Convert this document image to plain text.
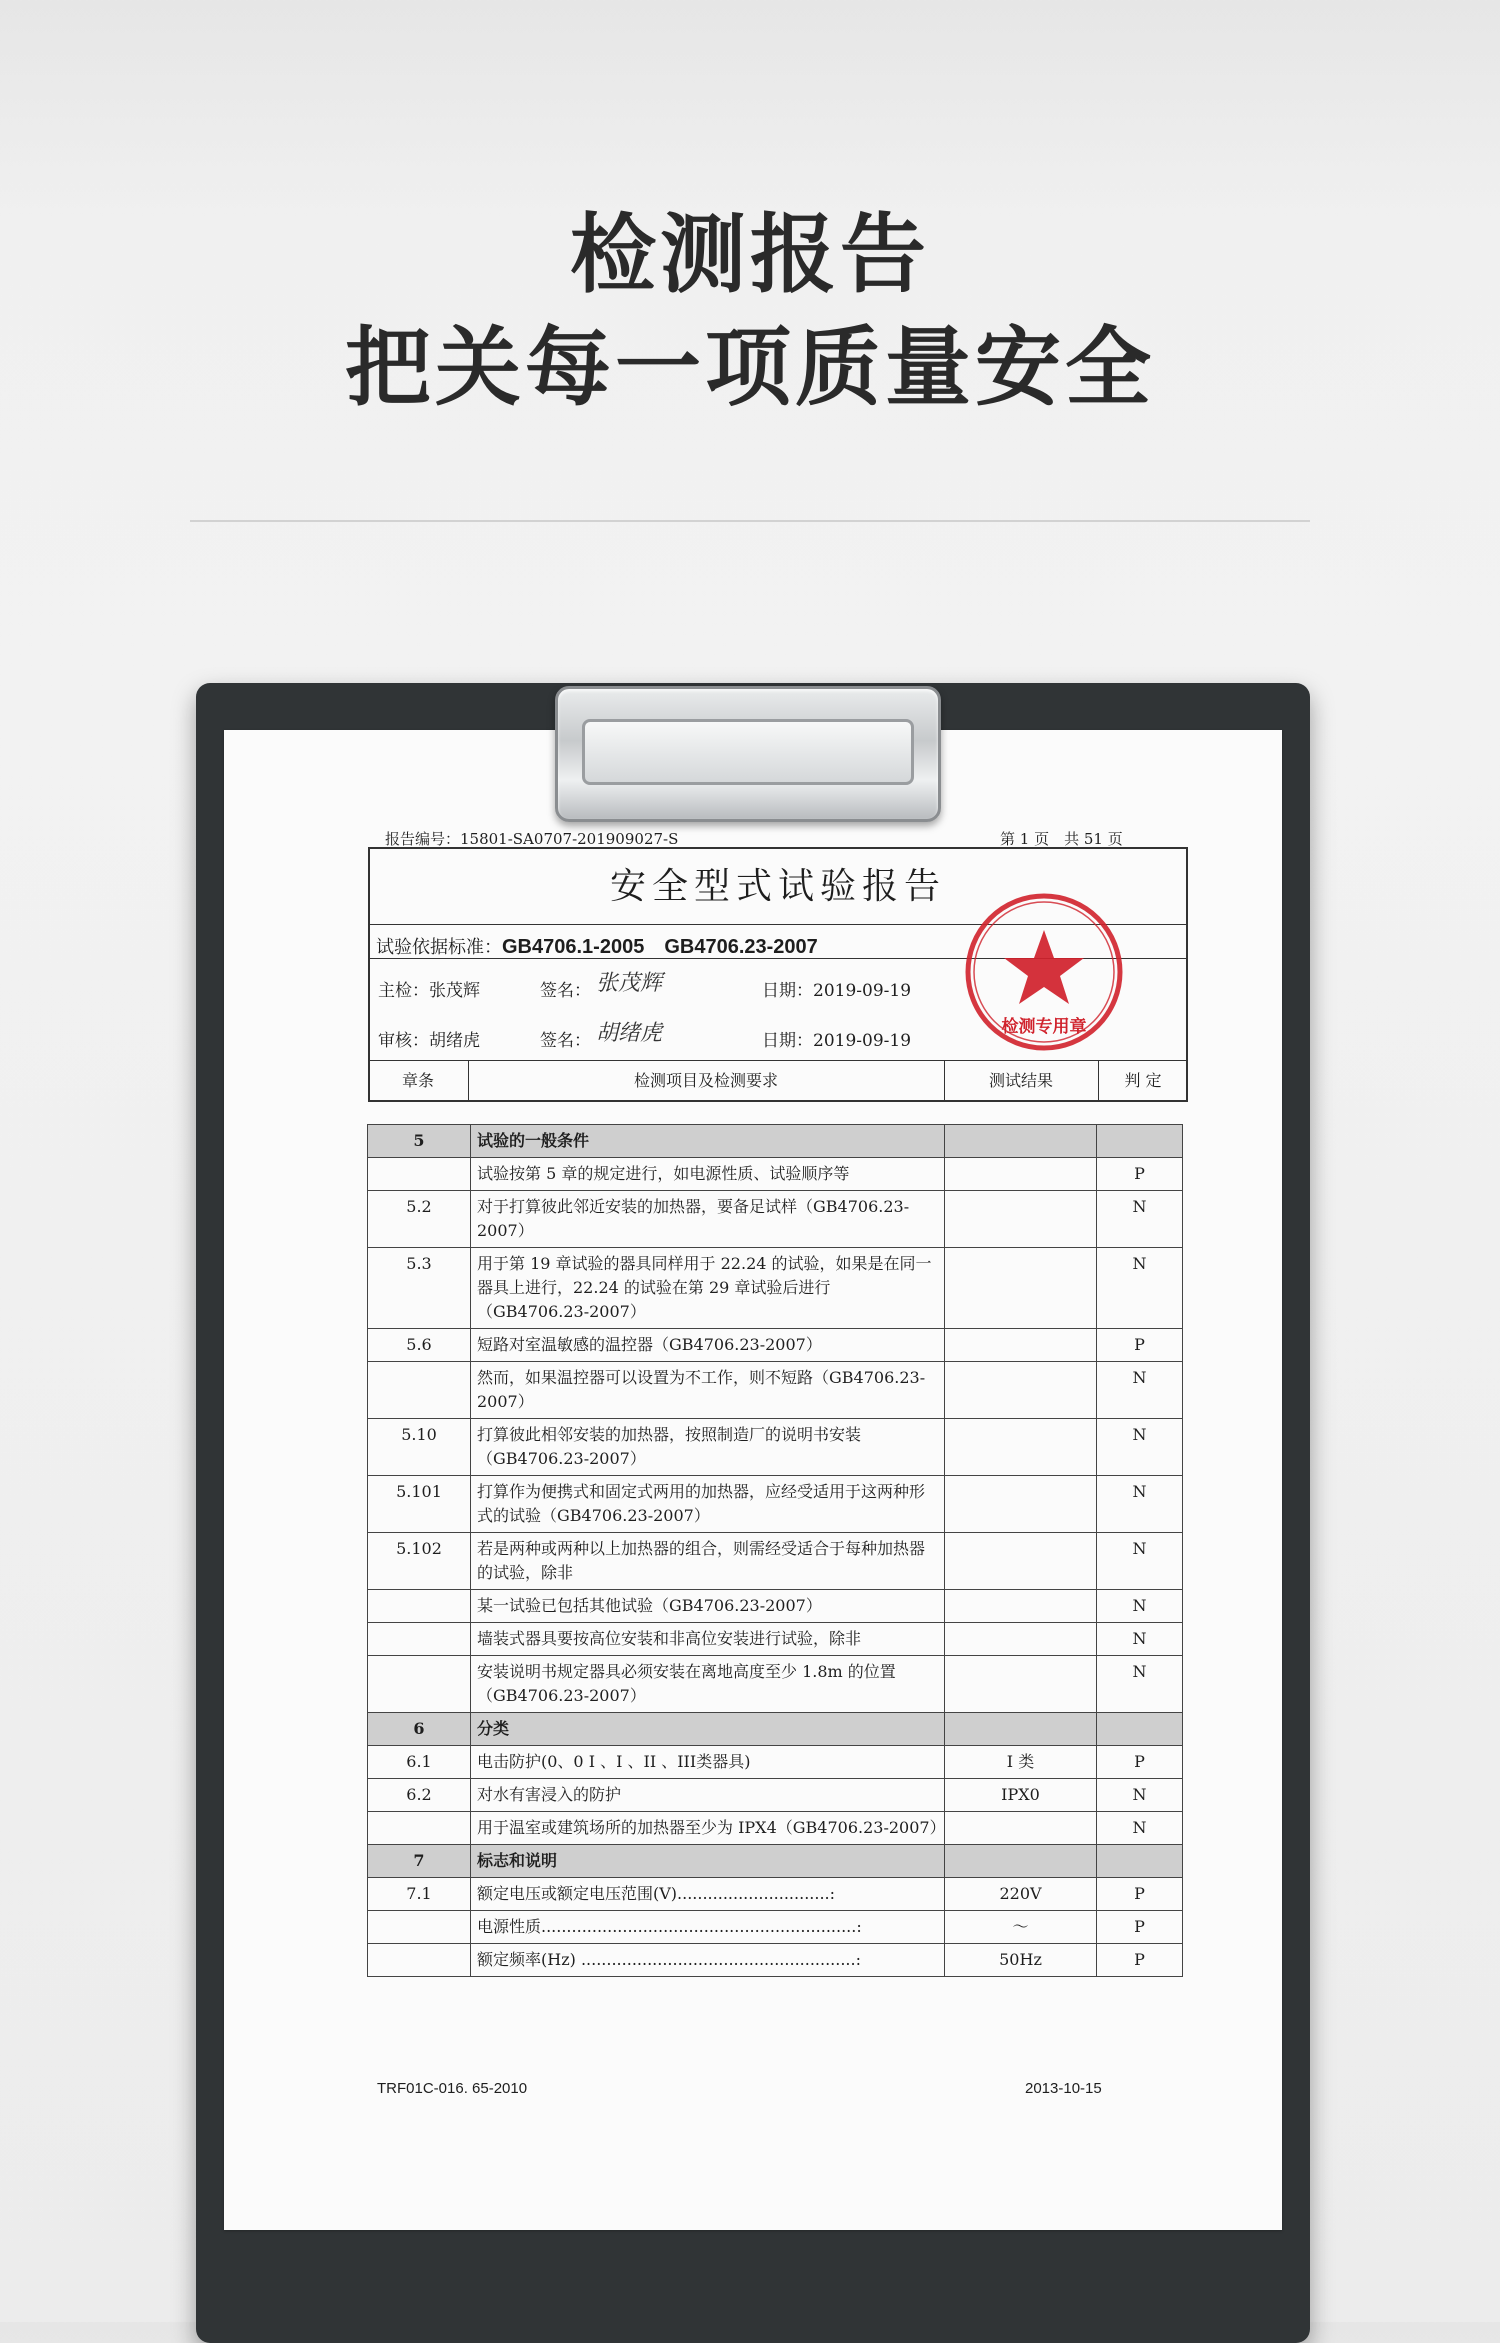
检测报告
把关每一项质量安全
报告编号：15801-SA0707-201909027-S	第 1 页　共 51 页
安全型式试验报告
试验依据标准：GB4706.1-2005　GB4706.23-2007
主检：张茂辉	签名： 张茂辉	日期：2019-09-19
审核：胡绪虎	签名： 胡绪虎	日期：2019-09-19
章条	检测项目及检测要求	测试结果	判 定
检测专用章
5	试验的一般条件		
	试验按第 5 章的规定进行，如电源性质、试验顺序等		P
5.2	对于打算彼此邻近安装的加热器，要备足试样（GB4706.23-2007）		N
5.3	用于第 19 章试验的器具同样用于 22.24 的试验，如果是在同一器具上进行，22.24 的试验在第 29 章试验后进行（GB4706.23-2007）		N
5.6	短路对室温敏感的温控器（GB4706.23-2007）		P
	然而，如果温控器可以设置为不工作，则不短路（GB4706.23-2007）		N
5.10	打算彼此相邻安装的加热器，按照制造厂的说明书安装（GB4706.23-2007）		N
5.101	打算作为便携式和固定式两用的加热器，应经受适用于这两种形式的试验（GB4706.23-2007）		N
5.102	若是两种或两种以上加热器的组合，则需经受适合于每种加热器的试验，除非		N
	某一试验已包括其他试验（GB4706.23-2007）		N
	墙装式器具要按高位安装和非高位安装进行试验，除非		N
	安装说明书规定器具必须安装在离地高度至少 1.8m 的位置（GB4706.23-2007）		N
6	分类		
6.1	电击防护(0、0 I 、I 、II 、III类器具)	I 类	P
6.2	对水有害浸入的防护	IPX0	N
	用于温室或建筑场所的加热器至少为 IPX4（GB4706.23-2007）		N
7	标志和说明		
7.1	额定电压或额定电压范围(V)..............................:	220V	P
	电源性质..............................................................:	～	P
	额定频率(Hz) ......................................................:	50Hz	P
TRF01C-016. 65-2010	2013-10-15
